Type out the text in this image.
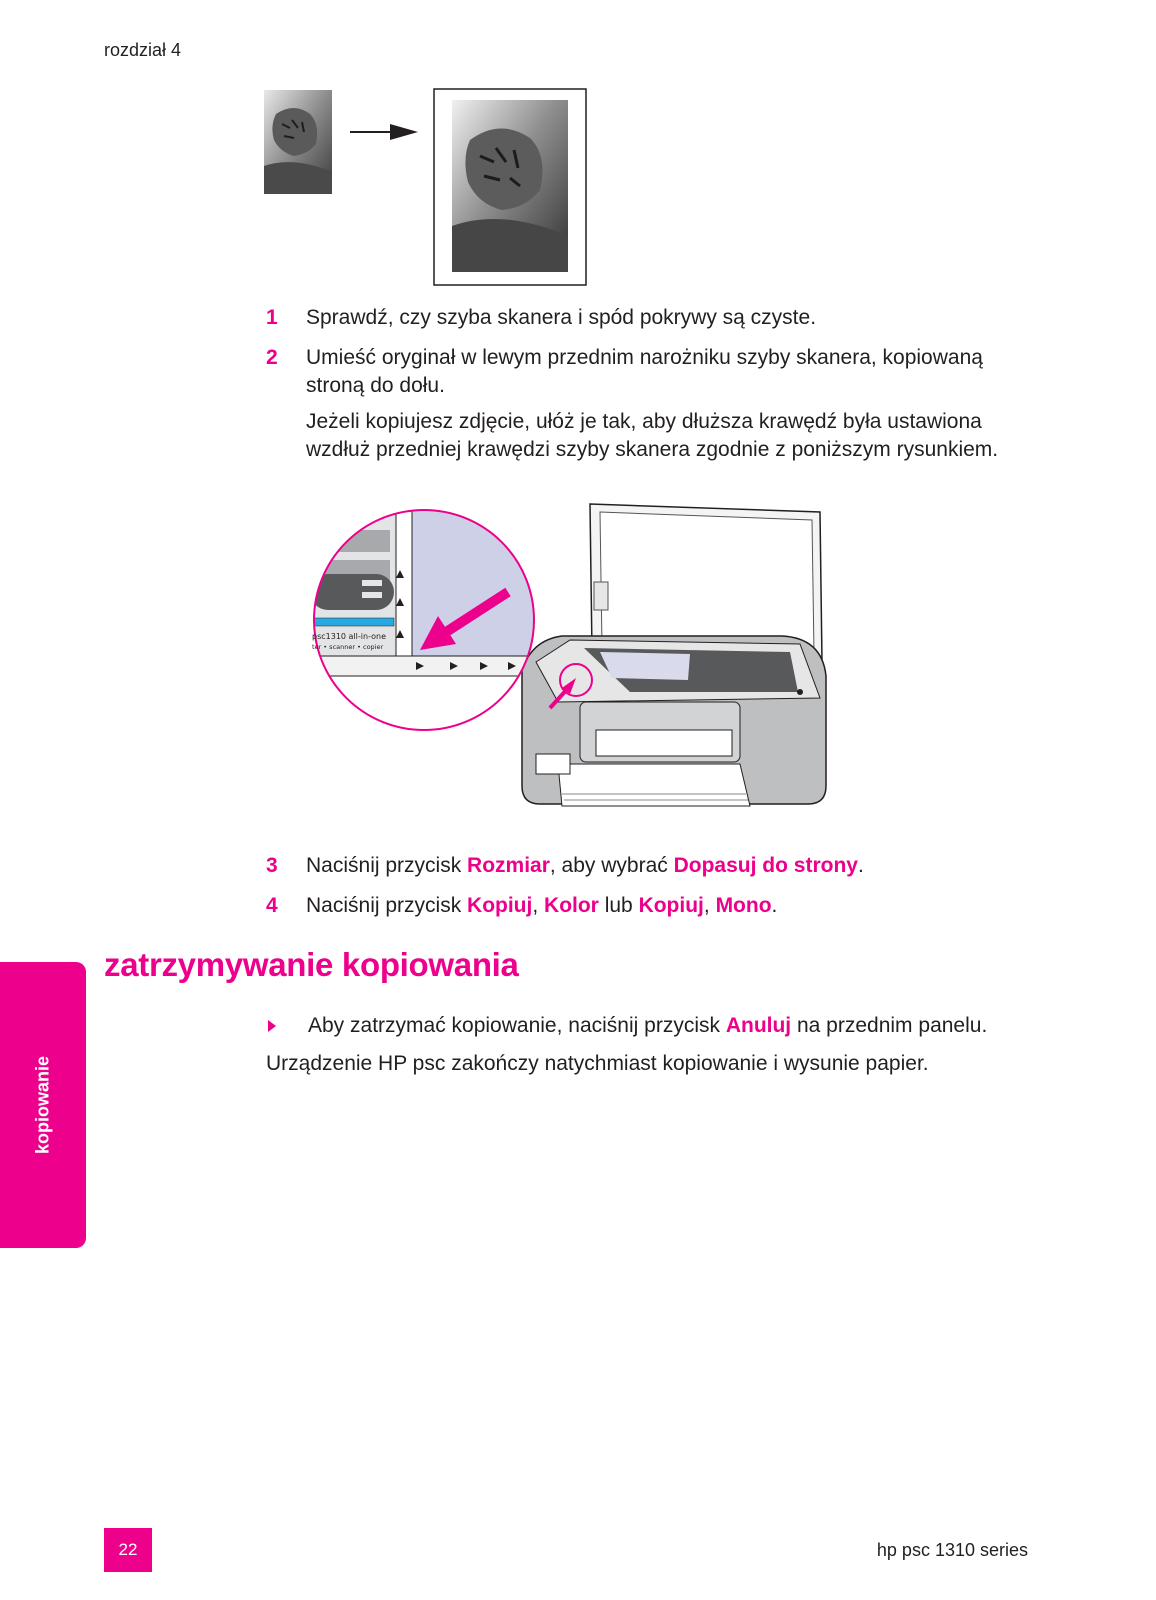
rozdział 4
1 Sprawdź, czy szyba skanera i spód pokrywy są czyste.
2 Umieść oryginał w lewym przednim narożniku szyby skanera, kopiowaną stroną do dołu.
Jeżeli kopiujesz zdjęcie, ułóż je tak, aby dłuższa krawędź była ustawiona wzdłuż przedniej krawędzi szyby skanera zgodnie z poniższym rysunkiem.
psc1310 all-in-one
ter • scanner • copier
3 Naciśnij przycisk Rozmiar, aby wybrać Dopasuj do strony.
4 Naciśnij przycisk Kopiuj, Kolor lub Kopiuj, Mono.
zatrzymywanie kopiowania
Aby zatrzymać kopiowanie, naciśnij przycisk Anuluj na przednim panelu.
Urządzenie HP psc zakończy natychmiast kopiowanie i wysunie papier.
kopiowanie
22	hp psc 1310 series
